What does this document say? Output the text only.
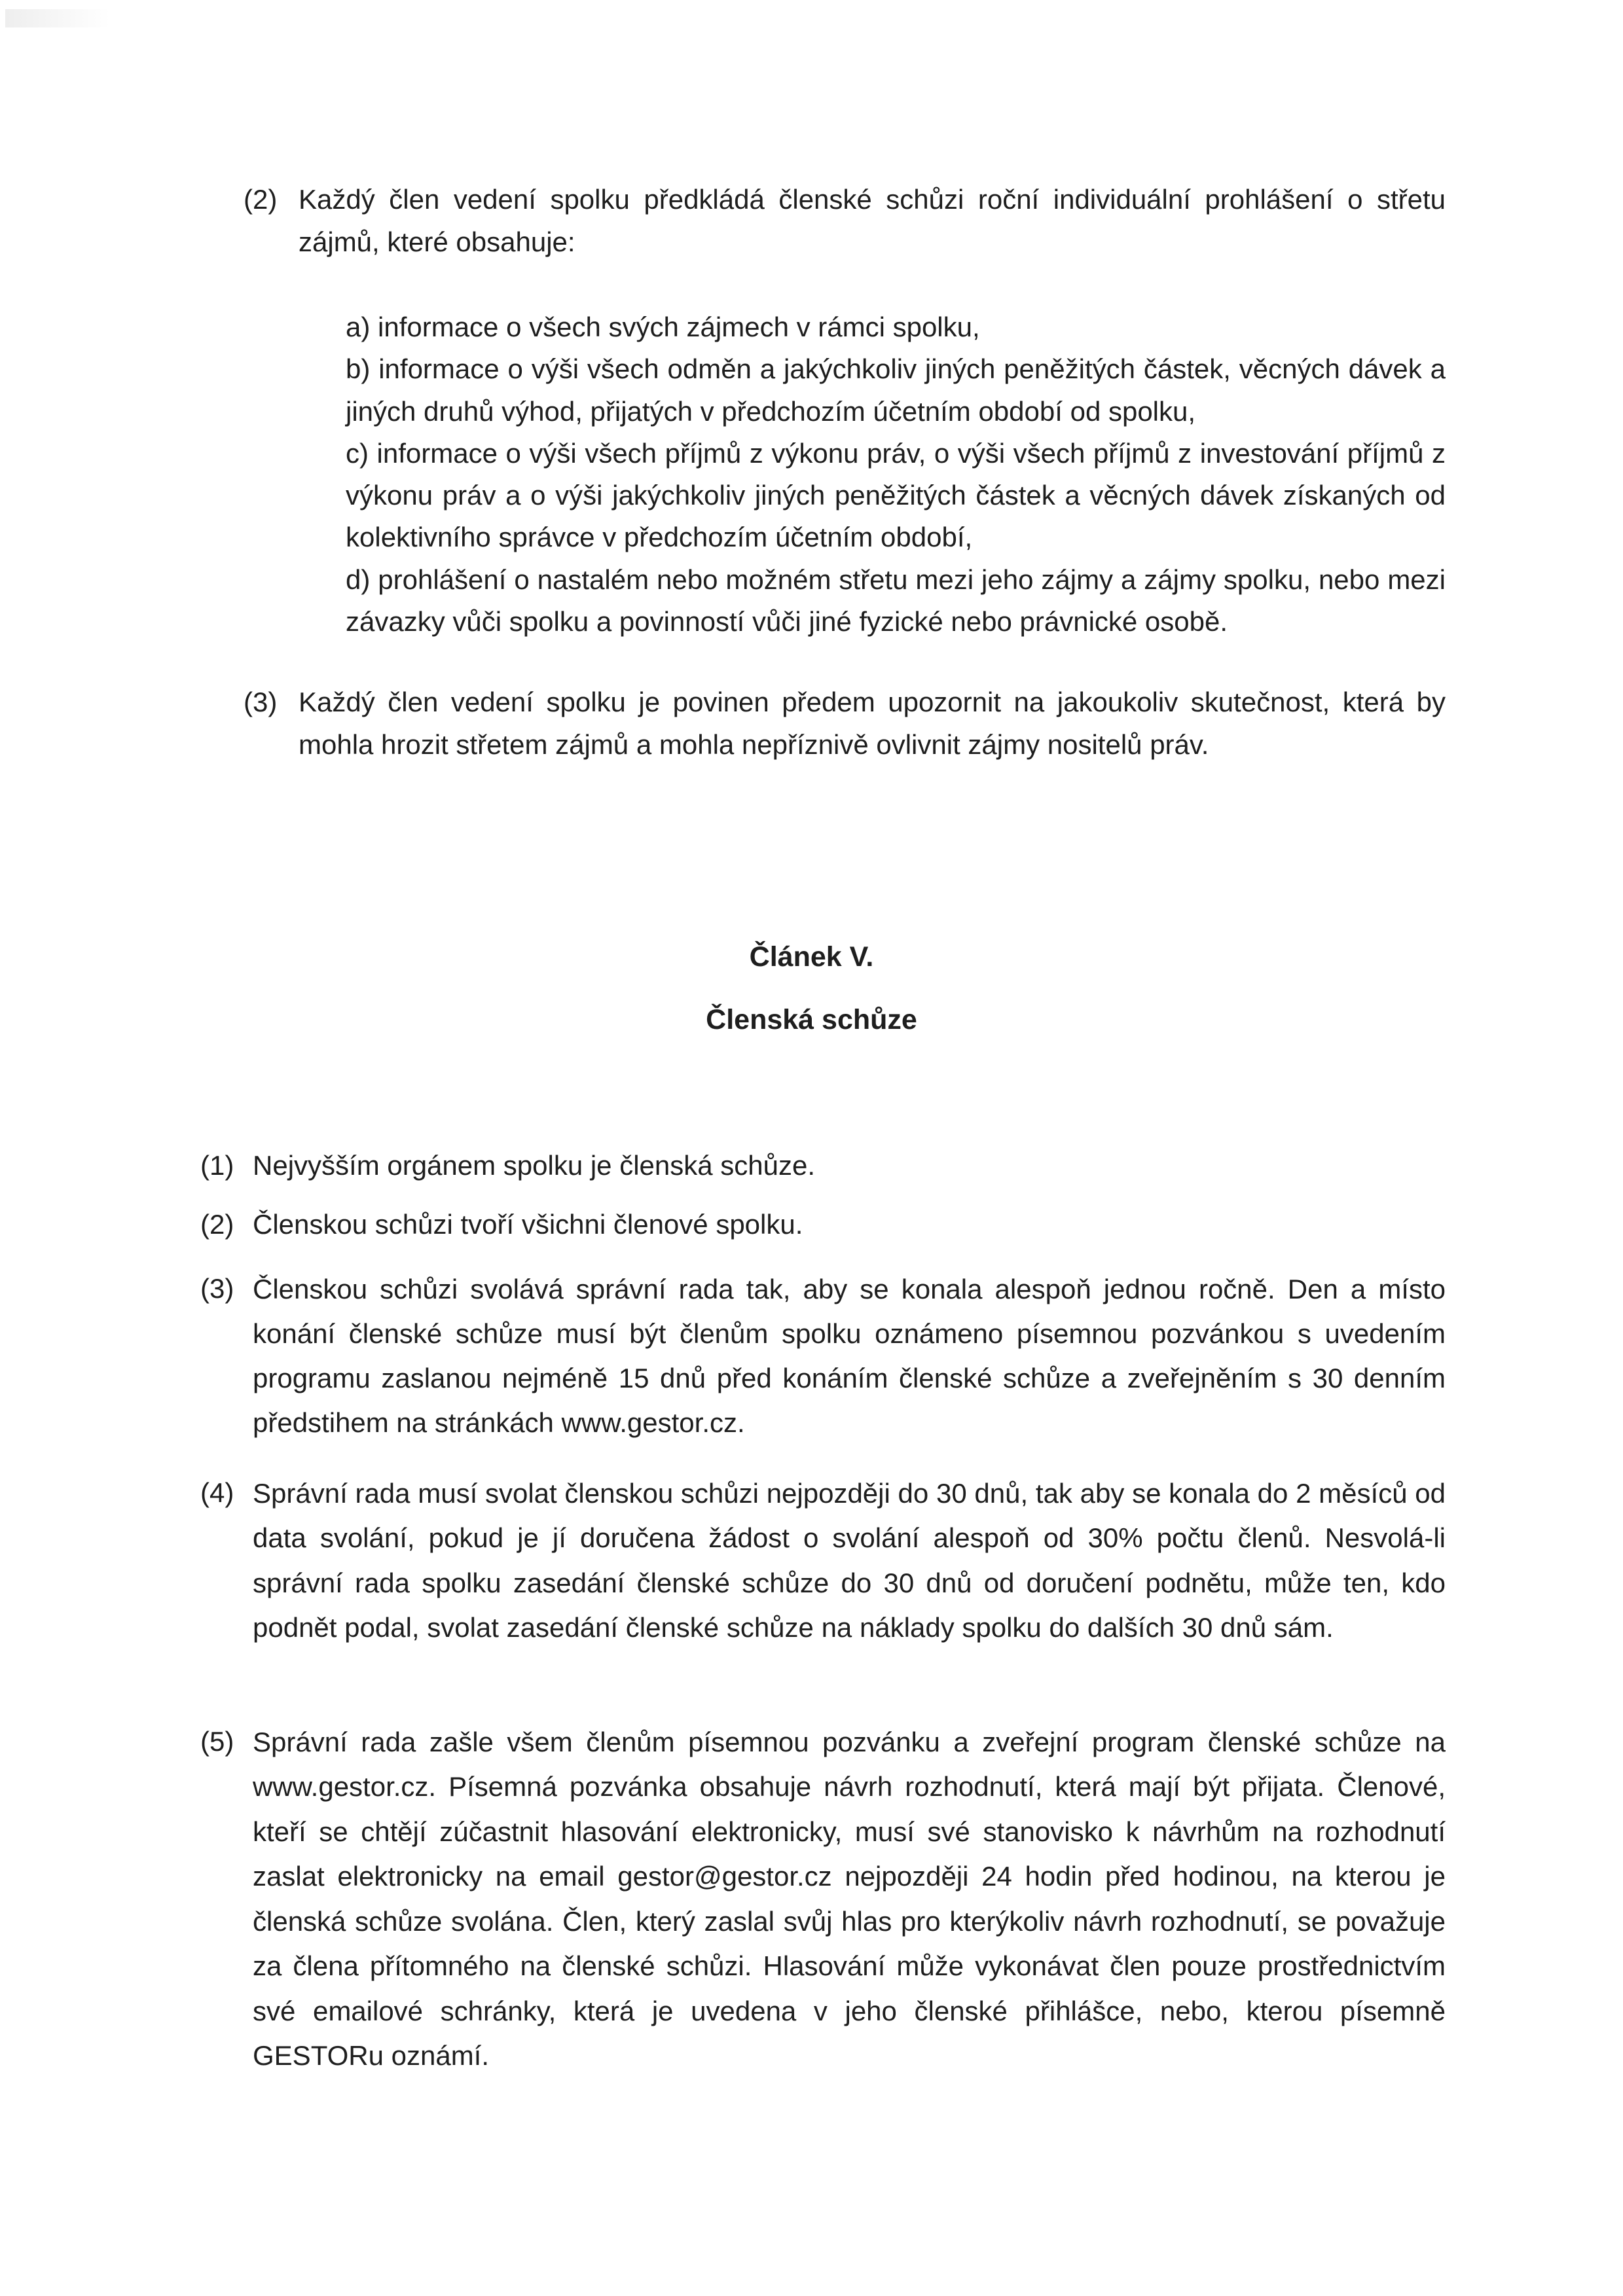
(2) Každý člen vedení spolku předkládá členské schůzi roční individuální prohlášení o střetu zájmů, které obsahuje:
a) informace o všech svých zájmech v rámci spolku,
b) informace o výši všech odměn a jakýchkoliv jiných peněžitých částek, věcných dávek a jiných druhů výhod, přijatých v předchozím účetním období od spolku,
c) informace o výši všech příjmů z výkonu práv, o výši všech příjmů z investování příjmů z výkonu práv a o výši jakýchkoliv jiných peněžitých částek a věcných dávek získaných od kolektivního správce v předchozím účetním období,
d) prohlášení o nastalém nebo možném střetu mezi jeho zájmy a zájmy spolku, nebo mezi závazky vůči spolku a povinností vůči jiné fyzické nebo právnické osobě.
(3) Každý člen vedení spolku je povinen předem upozornit na jakoukoliv skutečnost, která by mohla hrozit střetem zájmů a mohla nepříznivě ovlivnit zájmy nositelů práv.
Článek V.
Členská schůze
(1) Nejvyšším orgánem spolku je členská schůze.
(2) Členskou schůzi tvoří všichni členové spolku.
(3) Členskou schůzi svolává správní rada tak, aby se konala alespoň jednou ročně. Den a místo konání členské schůze musí být členům spolku oznámeno písemnou pozvánkou s uvedením programu zaslanou nejméně 15 dnů před konáním členské schůze a zveřejněním s 30 denním předstihem na stránkách www.gestor.cz.
(4) Správní rada musí svolat členskou schůzi nejpozději do 30 dnů, tak aby se konala do 2 měsíců od data svolání, pokud je jí doručena žádost o svolání alespoň od 30% počtu členů. Nesvolá-li správní rada spolku zasedání členské schůze do 30 dnů od doručení podnětu, může ten, kdo podnět podal, svolat zasedání členské schůze na náklady spolku do dalších 30 dnů sám.
(5) Správní rada zašle všem členům písemnou pozvánku a zveřejní program členské schůze na www.gestor.cz. Písemná pozvánka obsahuje návrh rozhodnutí, která mají být přijata. Členové, kteří se chtějí zúčastnit hlasování elektronicky, musí své stanovisko k návrhům na rozhodnutí zaslat elektronicky na email gestor@gestor.cz nejpozději 24 hodin před hodinou, na kterou je členská schůze svolána. Člen, který zaslal svůj hlas pro kterýkoliv návrh rozhodnutí, se považuje za člena přítomného na členské schůzi. Hlasování může vykonávat člen pouze prostřednictvím své emailové schránky, která je uvedena v jeho členské přihlášce, nebo, kterou písemně GESTORu oznámí.
